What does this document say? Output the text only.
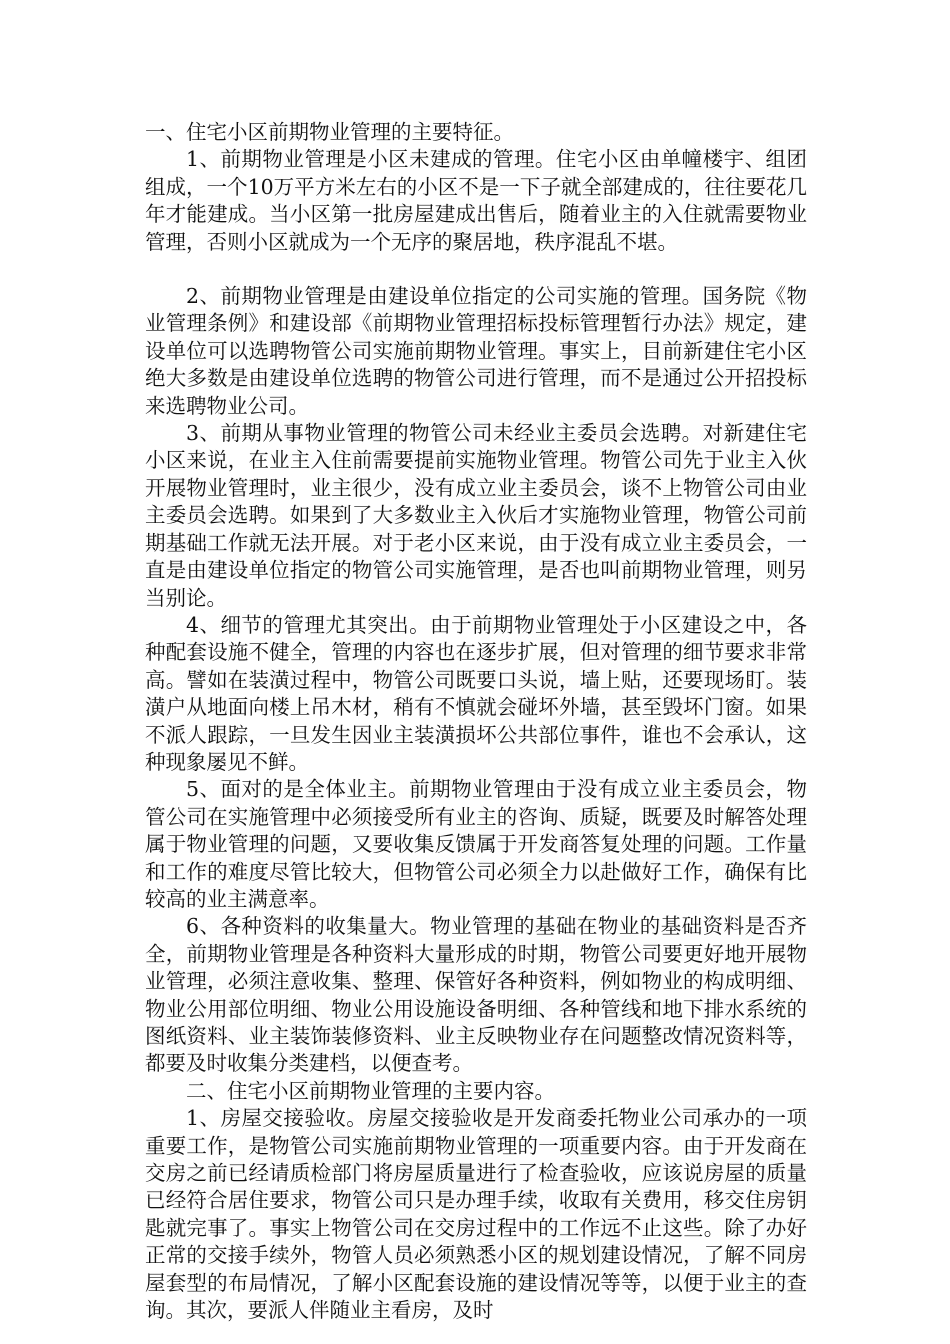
一、住宅小区前期物业管理的主要特征。

1、前期物业管理是小区未建成的管理。住宅小区由单幢楼宇、组团组成，一个10万平方米左右的小区不是一下子就全部建成的，往往要花几年才能建成。当小区第一批房屋建成出售后，随着业主的入住就需要物业管理，否则小区就成为一个无序的聚居地，秩序混乱不堪。

2、前期物业管理是由建设单位指定的公司实施的管理。国务院《物业管理条例》和建设部《前期物业管理招标投标管理暂行办法》规定，建设单位可以选聘物管公司实施前期物业管理。事实上，目前新建住宅小区绝大多数是由建设单位选聘的物管公司进行管理，而不是通过公开招投标来选聘物业公司。

3、前期从事物业管理的物管公司未经业主委员会选聘。对新建住宅小区来说，在业主入住前需要提前实施物业管理。物管公司先于业主入伙开展物业管理时，业主很少，没有成立业主委员会，谈不上物管公司由业主委员会选聘。如果到了大多数业主入伙后才实施物业管理，物管公司前期基础工作就无法开展。对于老小区来说，由于没有成立业主委员会，一直是由建设单位指定的物管公司实施管理，是否也叫前期物业管理，则另当别论。

4、细节的管理尤其突出。由于前期物业管理处于小区建设之中，各种配套设施不健全，管理的内容也在逐步扩展，但对管理的细节要求非常高。譬如在装潢过程中，物管公司既要口头说，墙上贴，还要现场盯。装潢户从地面向楼上吊木材，稍有不慎就会碰坏外墙，甚至毁坏门窗。如果不派人跟踪，一旦发生因业主装潢损坏公共部位事件，谁也不会承认，这种现象屡见不鲜。

5、面对的是全体业主。前期物业管理由于没有成立业主委员会，物管公司在实施管理中必须接受所有业主的咨询、质疑，既要及时解答处理属于物业管理的问题，又要收集反馈属于开发商答复处理的问题。工作量和工作的难度尽管比较大，但物管公司必须全力以赴做好工作，确保有比较高的业主满意率。

6、各种资料的收集量大。物业管理的基础在物业的基础资料是否齐全，前期物业管理是各种资料大量形成的时期，物管公司要更好地开展物业管理，必须注意收集、整理、保管好各种资料，例如物业的构成明细、物业公用部位明细、物业公用设施设备明细、各种管线和地下排水系统的图纸资料、业主装饰装修资料、业主反映物业存在问题整改情况资料等，都要及时收集分类建档，以便查考。

二、住宅小区前期物业管理的主要内容。

1、房屋交接验收。房屋交接验收是开发商委托物业公司承办的一项重要工作，是物管公司实施前期物业管理的一项重要内容。由于开发商在交房之前已经请质检部门将房屋质量进行了检查验收，应该说房屋的质量已经符合居住要求，物管公司只是办理手续，收取有关费用，移交住房钥匙就完事了。事实上物管公司在交房过程中的工作远不止这些。除了办好正常的交接手续外，物管人员必须熟悉小区的规划建设情况，了解不同房屋套型的布局情况，了解小区配套设施的建设情况等等，以便于业主的查询。其次，要派人伴随业主看房，及时
